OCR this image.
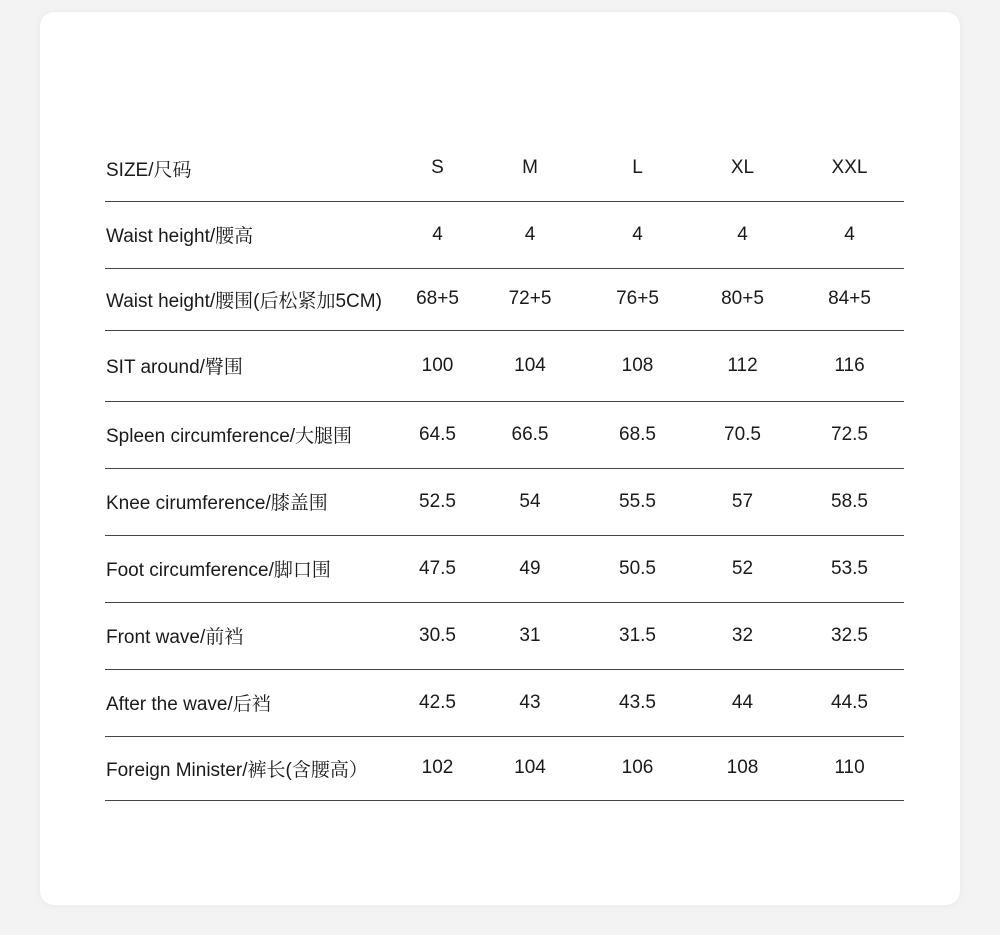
SIZE/尺码	S	M	L	XL	XXL
Waist height/腰高	4	4	4	4	4
Waist height/腰围(后松紧加5CM)	68+5	72+5	76+5	80+5	84+5
SIT around/臀围	100	104	108	112	116
Spleen circumference/大腿围	64.5	66.5	68.5	70.5	72.5
Knee cirumference/膝盖围	52.5	54	55.5	57	58.5
Foot circumference/脚口围	47.5	49	50.5	52	53.5
Front wave/前裆	30.5	31	31.5	32	32.5
After the wave/后裆	42.5	43	43.5	44	44.5
Foreign Minister/裤长(含腰高）	102	104	106	108	110
